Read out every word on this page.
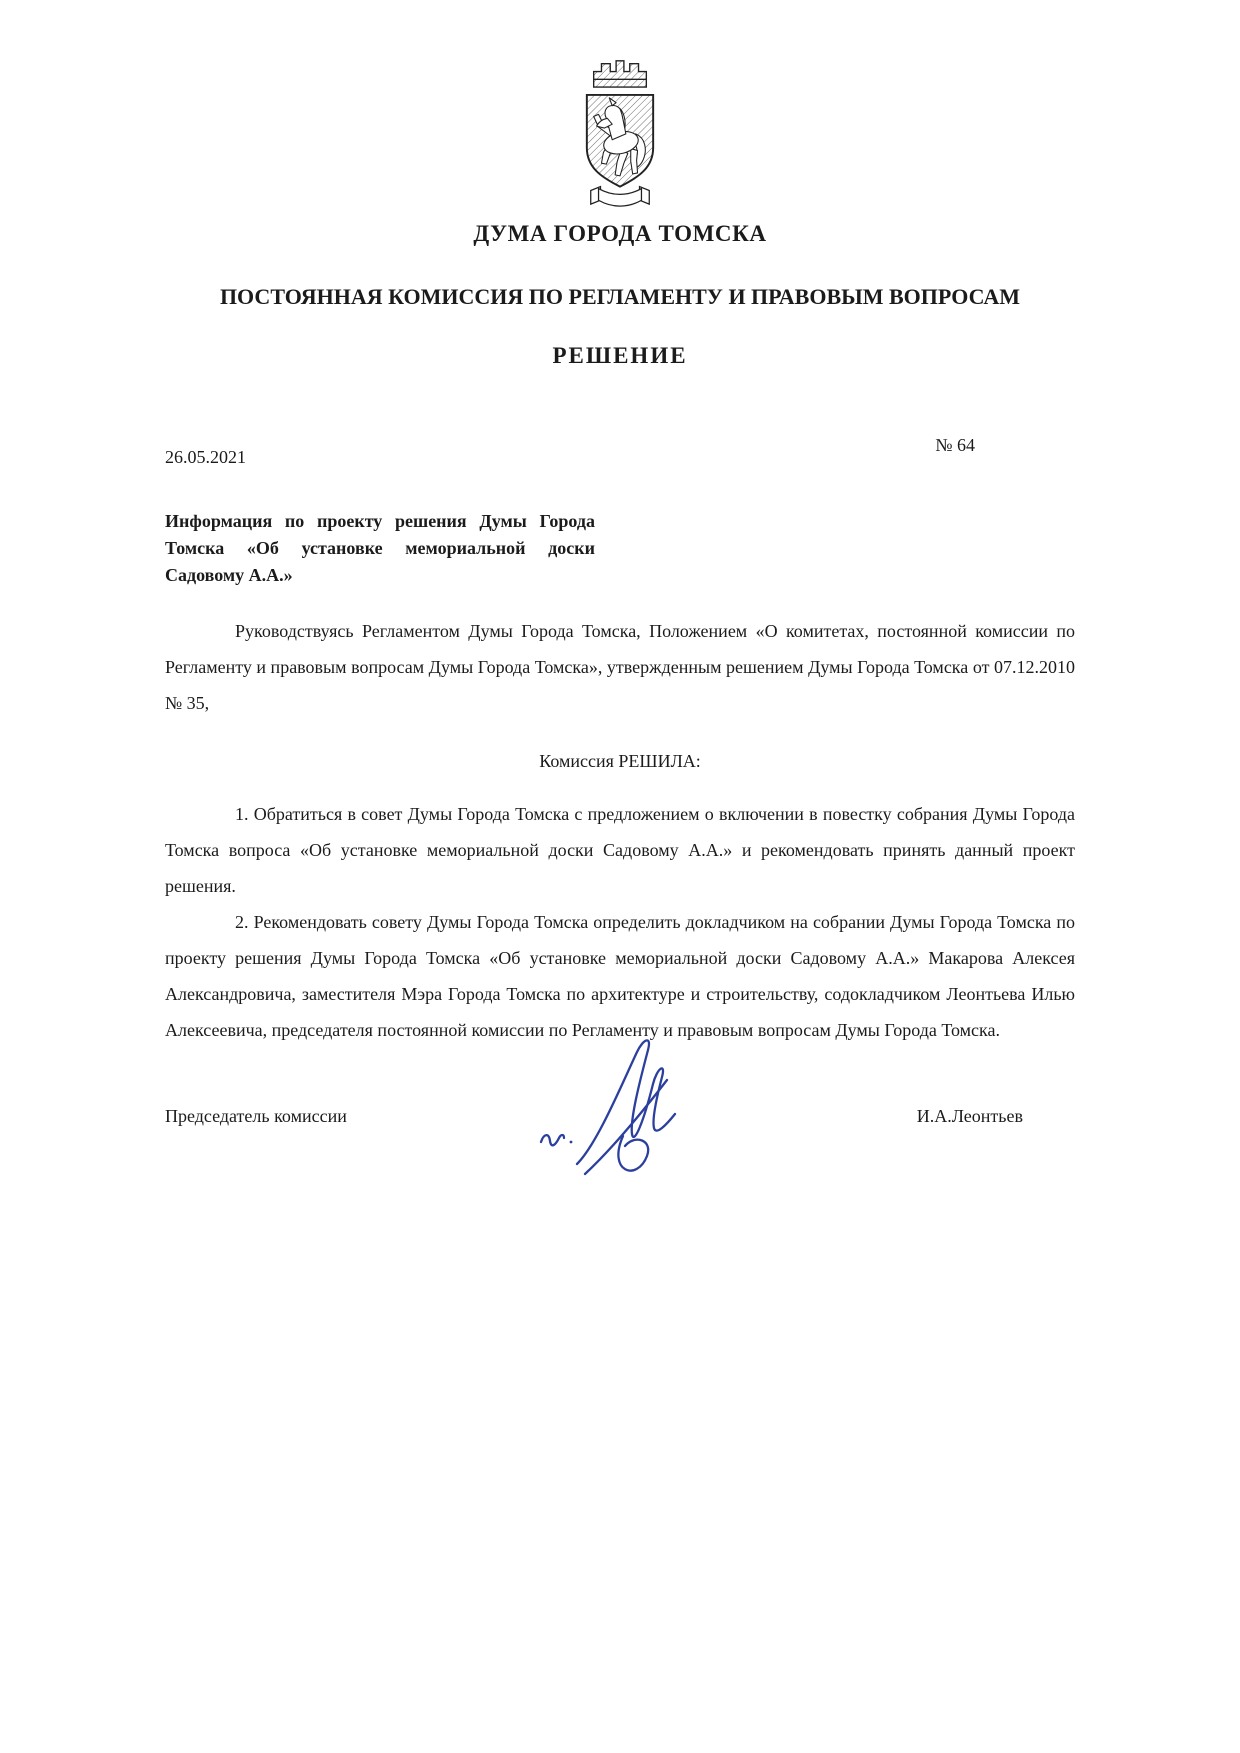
ДУМА ГОРОДА ТОМСКА
ПОСТОЯННАЯ КОМИССИЯ ПО РЕГЛАМЕНТУ И ПРАВОВЫМ ВОПРОСАМ
РЕШЕНИЕ
26.05.2021
№ 64
Информация по проекту решения Думы Города Томска «Об установке мемориальной доски Садовому А.А.»

Руководствуясь Регламентом Думы Города Томска, Положением «О комитетах, постоянной комиссии по Регламенту и правовым вопросам Думы Города Томска», утвержденным решением Думы Города Томска от 07.12.2010 № 35,

Комиссия РЕШИЛА:

1. Обратиться в совет Думы Города Томска с предложением о включении в повестку собрания Думы Города Томска вопроса «Об установке мемориальной доски Садовому А.А.» и рекомендовать принять данный проект решения.

2. Рекомендовать совету Думы Города Томска определить докладчиком на собрании Думы Города Томска по проекту решения Думы Города Томска «Об установке мемориальной доски Садовому А.А.» Макарова Алексея Александровича, заместителя Мэра Города Томска по архитектуре и строительству, содокладчиком Леонтьева Илью Алексеевича, председателя постоянной комиссии по Регламенту и правовым вопросам Думы Города Томска.

Председатель комиссии	И.А.Леонтьев
